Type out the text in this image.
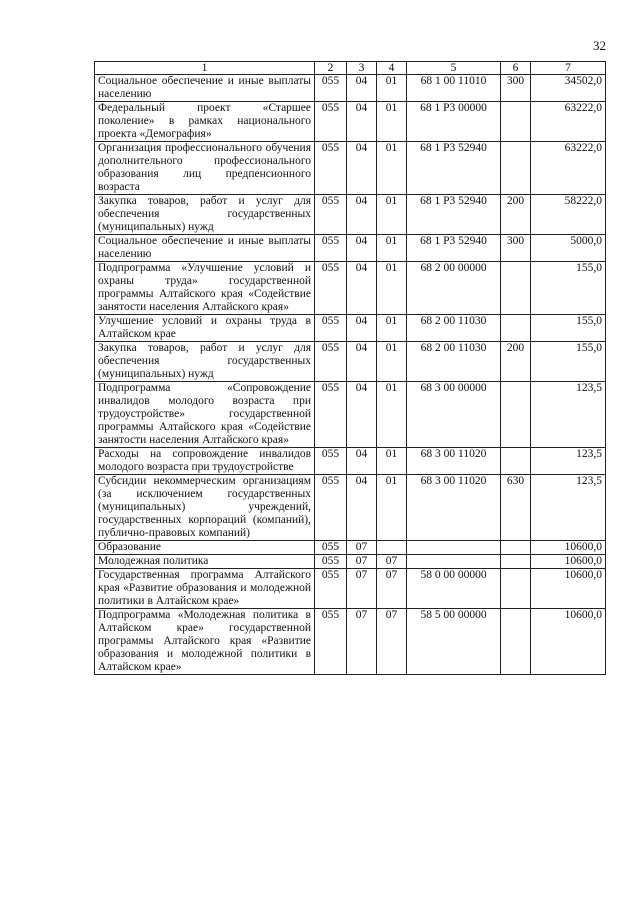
32
1	2	3	4	5	6	7
Социальное обеспечение и иные выплаты населению	055	04	01	68 1 00 11010	300	34502,0
Федеральный проект «Старшее поколение» в рамках национального проекта «Демография»	055	04	01	68 1 P3 00000		63222,0
Организация профессионального обучения дополнительного профессионального образования лиц предпенсионного возраста	055	04	01	68 1 P3 52940		63222,0
Закупка товаров, работ и услуг для обеспечения государственных (муниципальных) нужд	055	04	01	68 1 P3 52940	200	58222,0
Социальное обеспечение и иные выплаты населению	055	04	01	68 1 P3 52940	300	5000,0
Подпрограмма «Улучшение условий и охраны труда» государственной программы Алтайского края «Содействие занятости населения Алтайского края»	055	04	01	68 2 00 00000		155,0
Улучшение условий и охраны труда в Алтайском крае	055	04	01	68 2 00 11030		155,0
Закупка товаров, работ и услуг для обеспечения государственных (муниципальных) нужд	055	04	01	68 2 00 11030	200	155,0
Подпрограмма «Сопровождение инвалидов молодого возраста при трудоустройстве» государственной программы Алтайского края «Содействие занятости населения Алтайского края»	055	04	01	68 3 00 00000		123,5
Расходы на сопровождение инвалидов молодого возраста при трудоустройстве	055	04	01	68 3 00 11020		123,5
Субсидии некоммерческим организациям (за исключением государственных (муниципальных) учреждений, государственных корпораций (компаний), публично-правовых компаний)	055	04	01	68 3 00 11020	630	123,5
Образование	055	07				10600,0
Молодежная политика	055	07	07			10600,0
Государственная программа Алтайского края «Развитие образования и молодежной политики в Алтайском крае»	055	07	07	58 0 00 00000		10600,0
Подпрограмма «Молодежная политика в Алтайском крае» государственной программы Алтайского края «Развитие образования и молодежной политики в Алтайском крае»	055	07	07	58 5 00 00000		10600,0
